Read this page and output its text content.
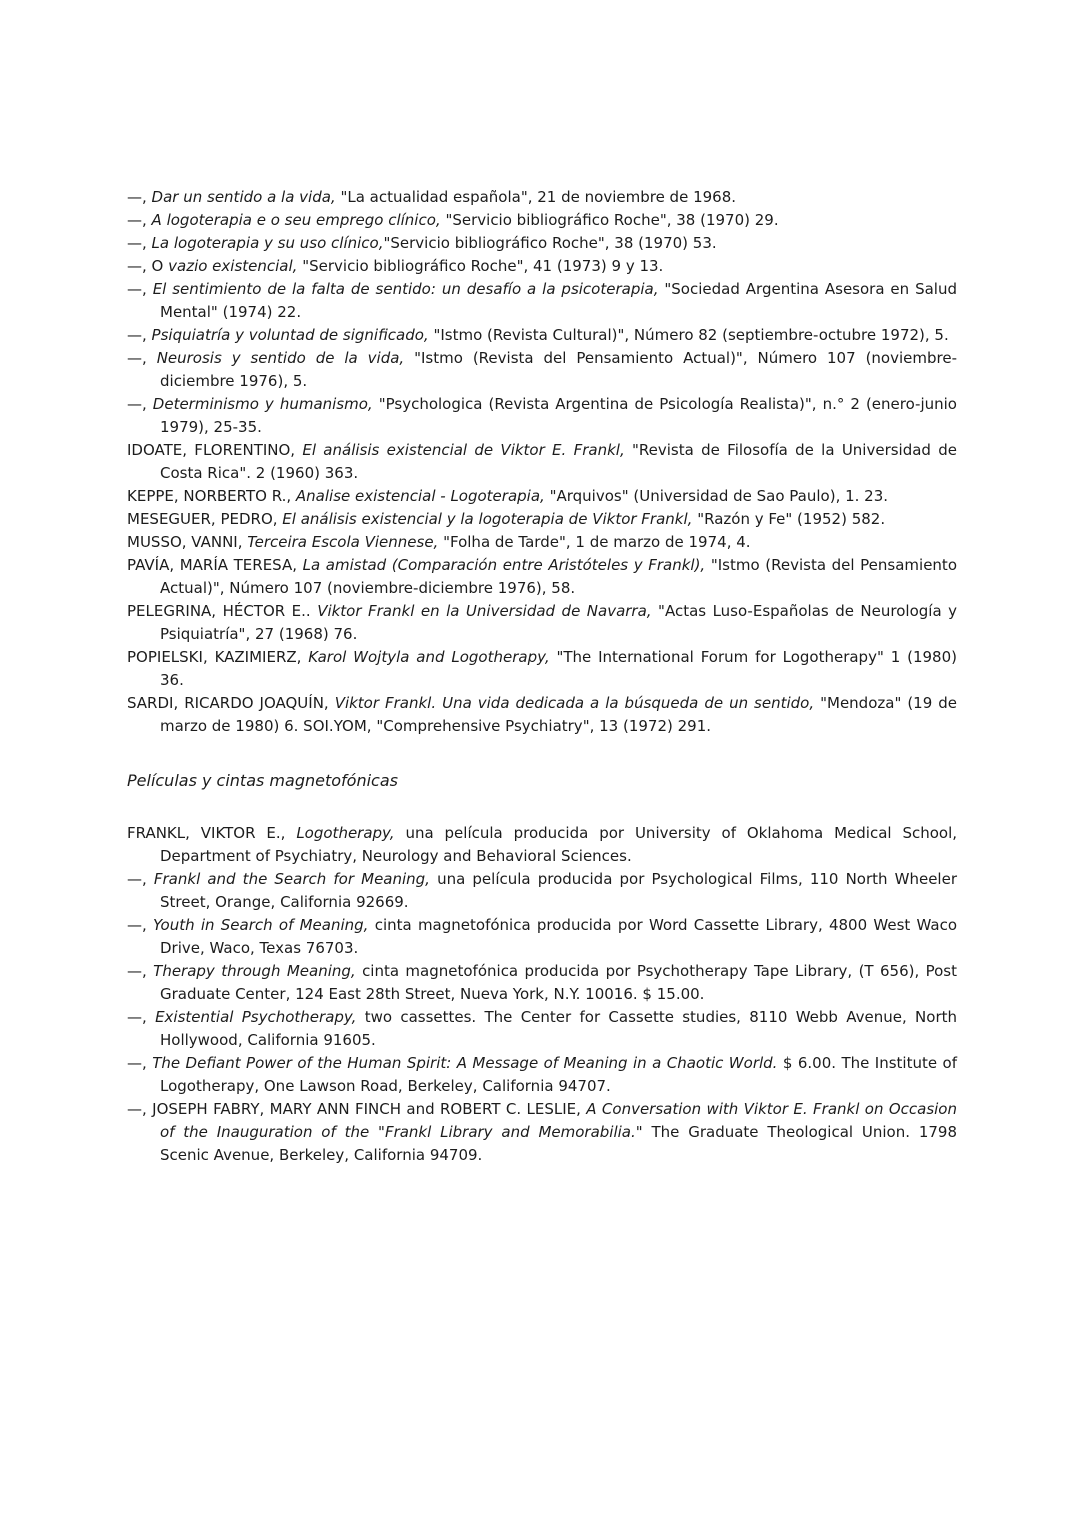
—, Dar un sentido a la vida, "La actualidad española", 21 de noviembre de 1968.

—, A logoterapia e o seu emprego clínico, "Servicio bibliográfico Roche", 38 (1970) 29.

—, La logoterapia y su uso clínico,"Servicio bibliográfico Roche", 38 (1970) 53.

—, O vazio existencial, "Servicio bibliográfico Roche", 41 (1973) 9 y 13.

—, El sentimiento de la falta de sentido: un desafío a la psicoterapia, "Sociedad Argentina Asesora en Salud Mental" (1974) 22.

—, Psiquiatría y voluntad de significado, "Istmo (Revista Cultural)", Número 82 (septiembre-octubre 1972), 5.

—, Neurosis y sentido de la vida, "Istmo (Revista del Pensamiento Actual)", Número 107 (noviembre-diciembre 1976), 5.

—, Determinismo y humanismo, "Psychologica (Revista Argentina de Psicología Realista)", n.° 2 (enero-junio 1979), 25-35.

IDOATE, FLORENTINO, El análisis existencial de Viktor E. Frankl, "Revista de Filosofía de la Universidad de Costa Rica". 2 (1960) 363.

KEPPE, NORBERTO R., Analise existencial - Logoterapia, "Arquivos" (Universidad de Sao Paulo), 1. 23.

MESEGUER, PEDRO, El análisis existencial y la logoterapia de Viktor Frankl, "Razón y Fe" (1952) 582.

MUSSO, VANNI, Terceira Escola Viennese, "Folha de Tarde", 1 de marzo de 1974, 4.

PAVÍA, MARÍA TERESA, La amistad (Comparación entre Aristóteles y Frankl), "Istmo (Revista del Pensamiento Actual)", Número 107 (noviembre-diciembre 1976), 58.

PELEGRINA, HÉCTOR E.. Viktor Frankl en la Universidad de Navarra, "Actas Luso-Españolas de Neurología y Psiquiatría", 27 (1968) 76.

POPIELSKI, KAZIMIERZ, Karol Wojtyla and Logotherapy, "The International Forum for Logotherapy" 1 (1980) 36.

SARDI, RICARDO JOAQUÍN, Viktor Frankl. Una vida dedicada a la búsqueda de un sentido, "Mendoza" (19 de marzo de 1980) 6. SOI.YOM, "Comprehensive Psychiatry", 13 (1972) 291.

Películas y cintas magnetofónicas

FRANKL, VIKTOR E., Logotherapy, una película producida por University of Oklahoma Medical School, Department of Psychiatry, Neurology and Behavioral Sciences.

—, Frankl and the Search for Meaning, una película producida por Psychological Films, 110 North Wheeler Street, Orange, California 92669.

—, Youth in Search of Meaning, cinta magnetofónica producida por Word Cassette Library, 4800 West Waco Drive, Waco, Texas 76703.

—, Therapy through Meaning, cinta magnetofónica producida por Psychotherapy Tape Library, (T 656), Post Graduate Center, 124 East 28th Street, Nueva York, N.Y. 10016. $ 15.00.

—, Existential Psychotherapy, two cassettes. The Center for Cassette studies, 8110 Webb Avenue, North Hollywood, California 91605.

—, The Defiant Power of the Human Spirit: A Message of Meaning in a Chaotic World. $ 6.00. The Institute of Logotherapy, One Lawson Road, Berkeley, California 94707.

—, JOSEPH FABRY, MARY ANN FINCH and ROBERT C. LESLIE, A Conversation with Viktor E. Frankl on Occasion of the Inauguration of the "Frankl Library and Memorabilia." The Graduate Theological Union. 1798 Scenic Avenue, Berkeley, California 94709.
